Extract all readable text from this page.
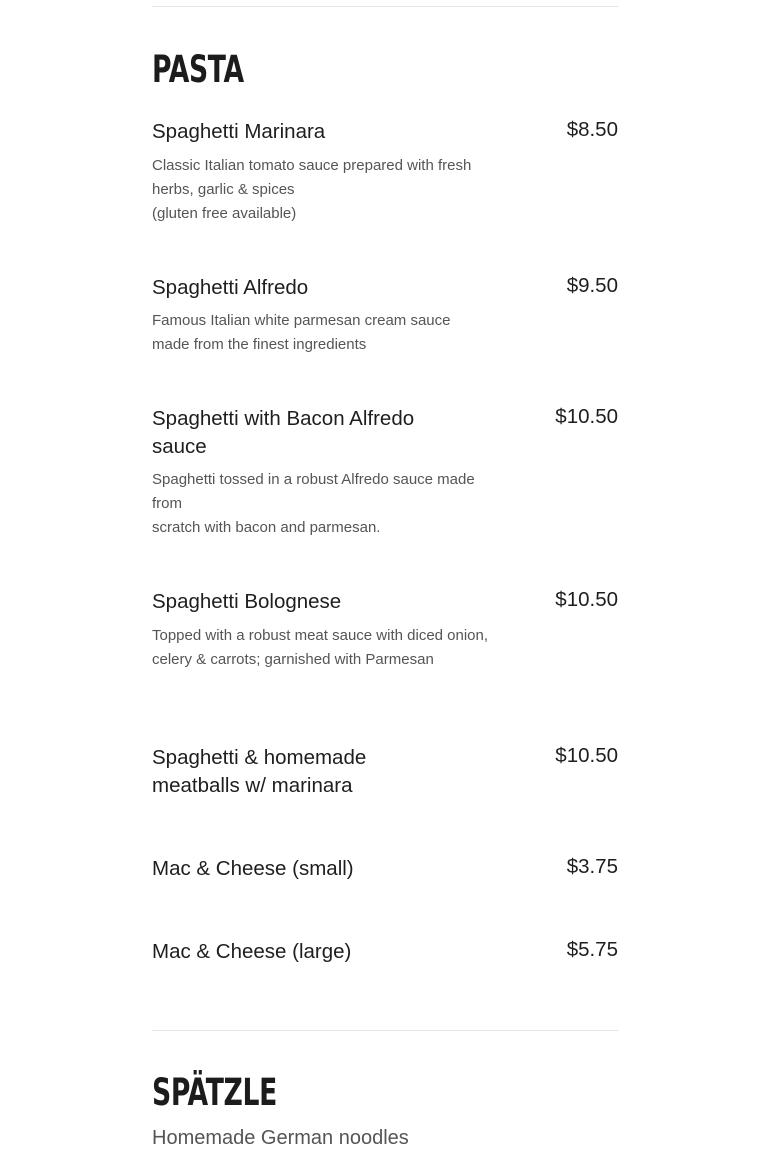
PASTA
Spaghetti Marinara	$8.50
Classic Italian tomato sauce prepared with fresh herbs, garlic & spices
(gluten free available)
Spaghetti Alfredo	$9.50
Famous Italian white parmesan cream sauce made from the finest ingredients
Spaghetti with Bacon Alfredo sauce
$10.50
Spaghetti tossed in a robust Alfredo sauce made from
scratch with bacon and parmesan.
Spaghetti Bolognese	$10.50
Topped with a robust meat sauce with diced onion,
celery & carrots; garnished with Parmesan
Spaghetti & homemade meatballs w/ marinara
$10.50
Mac & Cheese (small)	$3.75
Mac & Cheese (large)	$5.75
SPÄTZLE
Homemade German noodles
